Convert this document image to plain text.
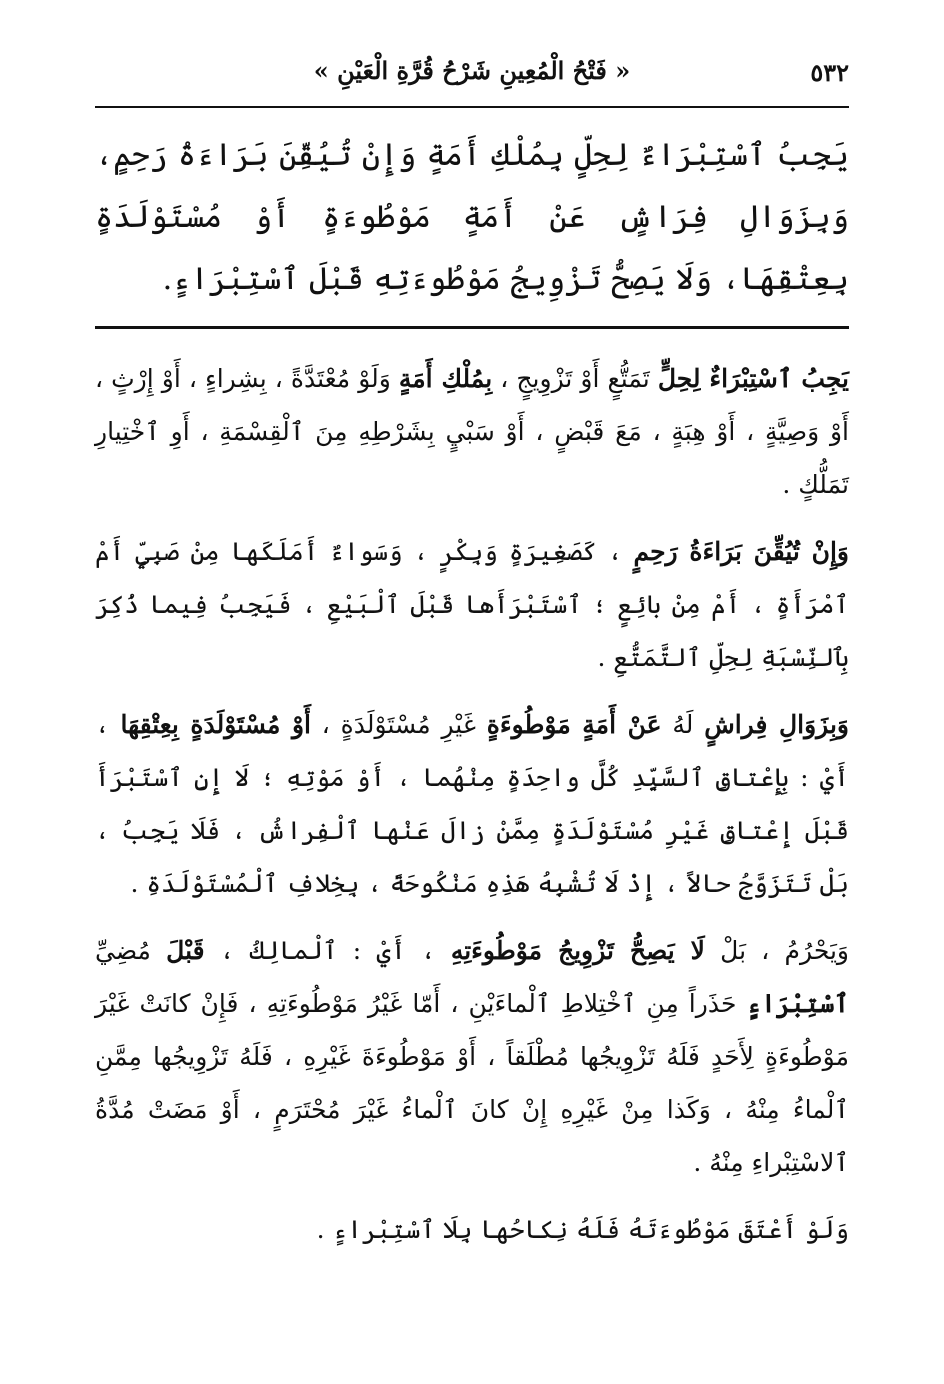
٥٣٢
« فَتْحُ الْمُعِينِ شَرْحُ قُرَّةِ الْعَيْنِ »
يَجِبُ ٱسْتِبْرَاءٌ لِحِلٍّ بِمُلْكِ أَمَةٍ وَإِنْ تُيُقِّنَ بَرَاءَةُ رَحِمٍ، وَبِزَوَالِ فِرَاشٍ عَنْ أَمَةٍ مَوْطُوءَةٍ أَوْ مُسْتَوْلَدَةٍ بِعِتْقِهَا، وَلَا يَصِحُّ تَزْوِيجُ مَوْطُوءَتِهِ قَبْلَ ٱسْتِبْرَاءٍ.

يَجِبُ ٱسْتِبْرَاءٌ لِحِلٍّ تَمَتُّعٍ أَوْ تَزْوِيجٍ ، بِمُلْكِ أَمَةٍ وَلَوْ مُعْتَدَّةً ، بِشِراءٍ ، أَوْ إِرْثٍ ، أَوْ وَصِيَّةٍ ، أَوْ هِبَةٍ ، مَعَ قَبْضٍ ، أَوْ سَبْيٍ بِشَرْطِهِ مِنَ ٱلْقِسْمَةِ ، أَوِ ٱخْتِيارِ تَمَلُّكٍ .

وَإِنْ تُيُقِّنَ بَرَاءَةُ رَحِمٍ ، كَصَغِيرَةٍ وَبِكْرٍ ، وَسَواءٌ أَمَلَكَها مِنْ صَبِيٍّ أَمْ ٱمْرَأَةٍ ، أَمْ مِنْ بائِعٍ ؛ ٱسْتَبْرَأَها قَبْلَ ٱلْبَيْعِ ، فَيَجِبُ فِيما ذُكِرَ بِٱلنِّسْبَةِ لِحِلِّ ٱلتَّمَتُّعِ .

وَبِزَوَالِ فِراشٍ لَهُ عَنْ أَمَةٍ مَوْطُوءَةٍ غَيْرِ مُسْتَوْلَدَةٍ ، أَوْ مُسْتَوْلَدَةٍ بِعِتْقِهَا ، أَيْ : بِإِعْتاقِ ٱلسَّيِّدِ كُلَّ واحِدَةٍ مِنْهُما ، أَوْ مَوْتِهِ ؛ لَا إِنِ ٱسْتَبْرَأَ قَبْلَ إِعْتاقِ غَيْرِ مُسْتَوْلَدَةٍ مِمَّنْ زالَ عَنْها ٱلْفِراشُ ، فَلَا يَجِبُ ، بَلْ تَتَزَوَّجُ حالاً ، إِذْ لَا تُشْبِهُ هَذِهِ مَنْكُوحَةً ، بِخِلافِ ٱلْمُسْتَوْلَدَةِ .

وَيَحْرُمُ ، بَلْ لَا يَصِحُّ تَزْوِيجُ مَوْطُوءَتِهِ ، أَيْ : ٱلْمالِكُ ، قَبْلَ مُضِيِّ ٱسْتِبْرَاءٍ حَذَراً مِنِ ٱخْتِلاطِ ٱلْماءَيْنِ ، أَمّا غَيْرُ مَوْطُوءَتِهِ ، فَإِنْ كانَتْ غَيْرَ مَوْطُوءَةٍ لِأَحَدٍ فَلَهُ تَزْوِيجُها مُطْلَقاً ، أَوْ مَوْطُوءَةَ غَيْرِهِ ، فَلَهُ تَزْوِيجُها مِمَّنِ ٱلْماءُ مِنْهُ ، وَكَذا مِنْ غَيْرِهِ إِنْ كانَ ٱلْماءُ غَيْرَ مُحْتَرَمٍ ، أَوْ مَضَتْ مُدَّةُ ٱلاسْتِبْراءِ مِنْهُ .

وَلَوْ أَعْتَقَ مَوْطُوءَتَهُ فَلَهُ نِكاحُها بِلَا ٱسْتِبْراءٍ .
